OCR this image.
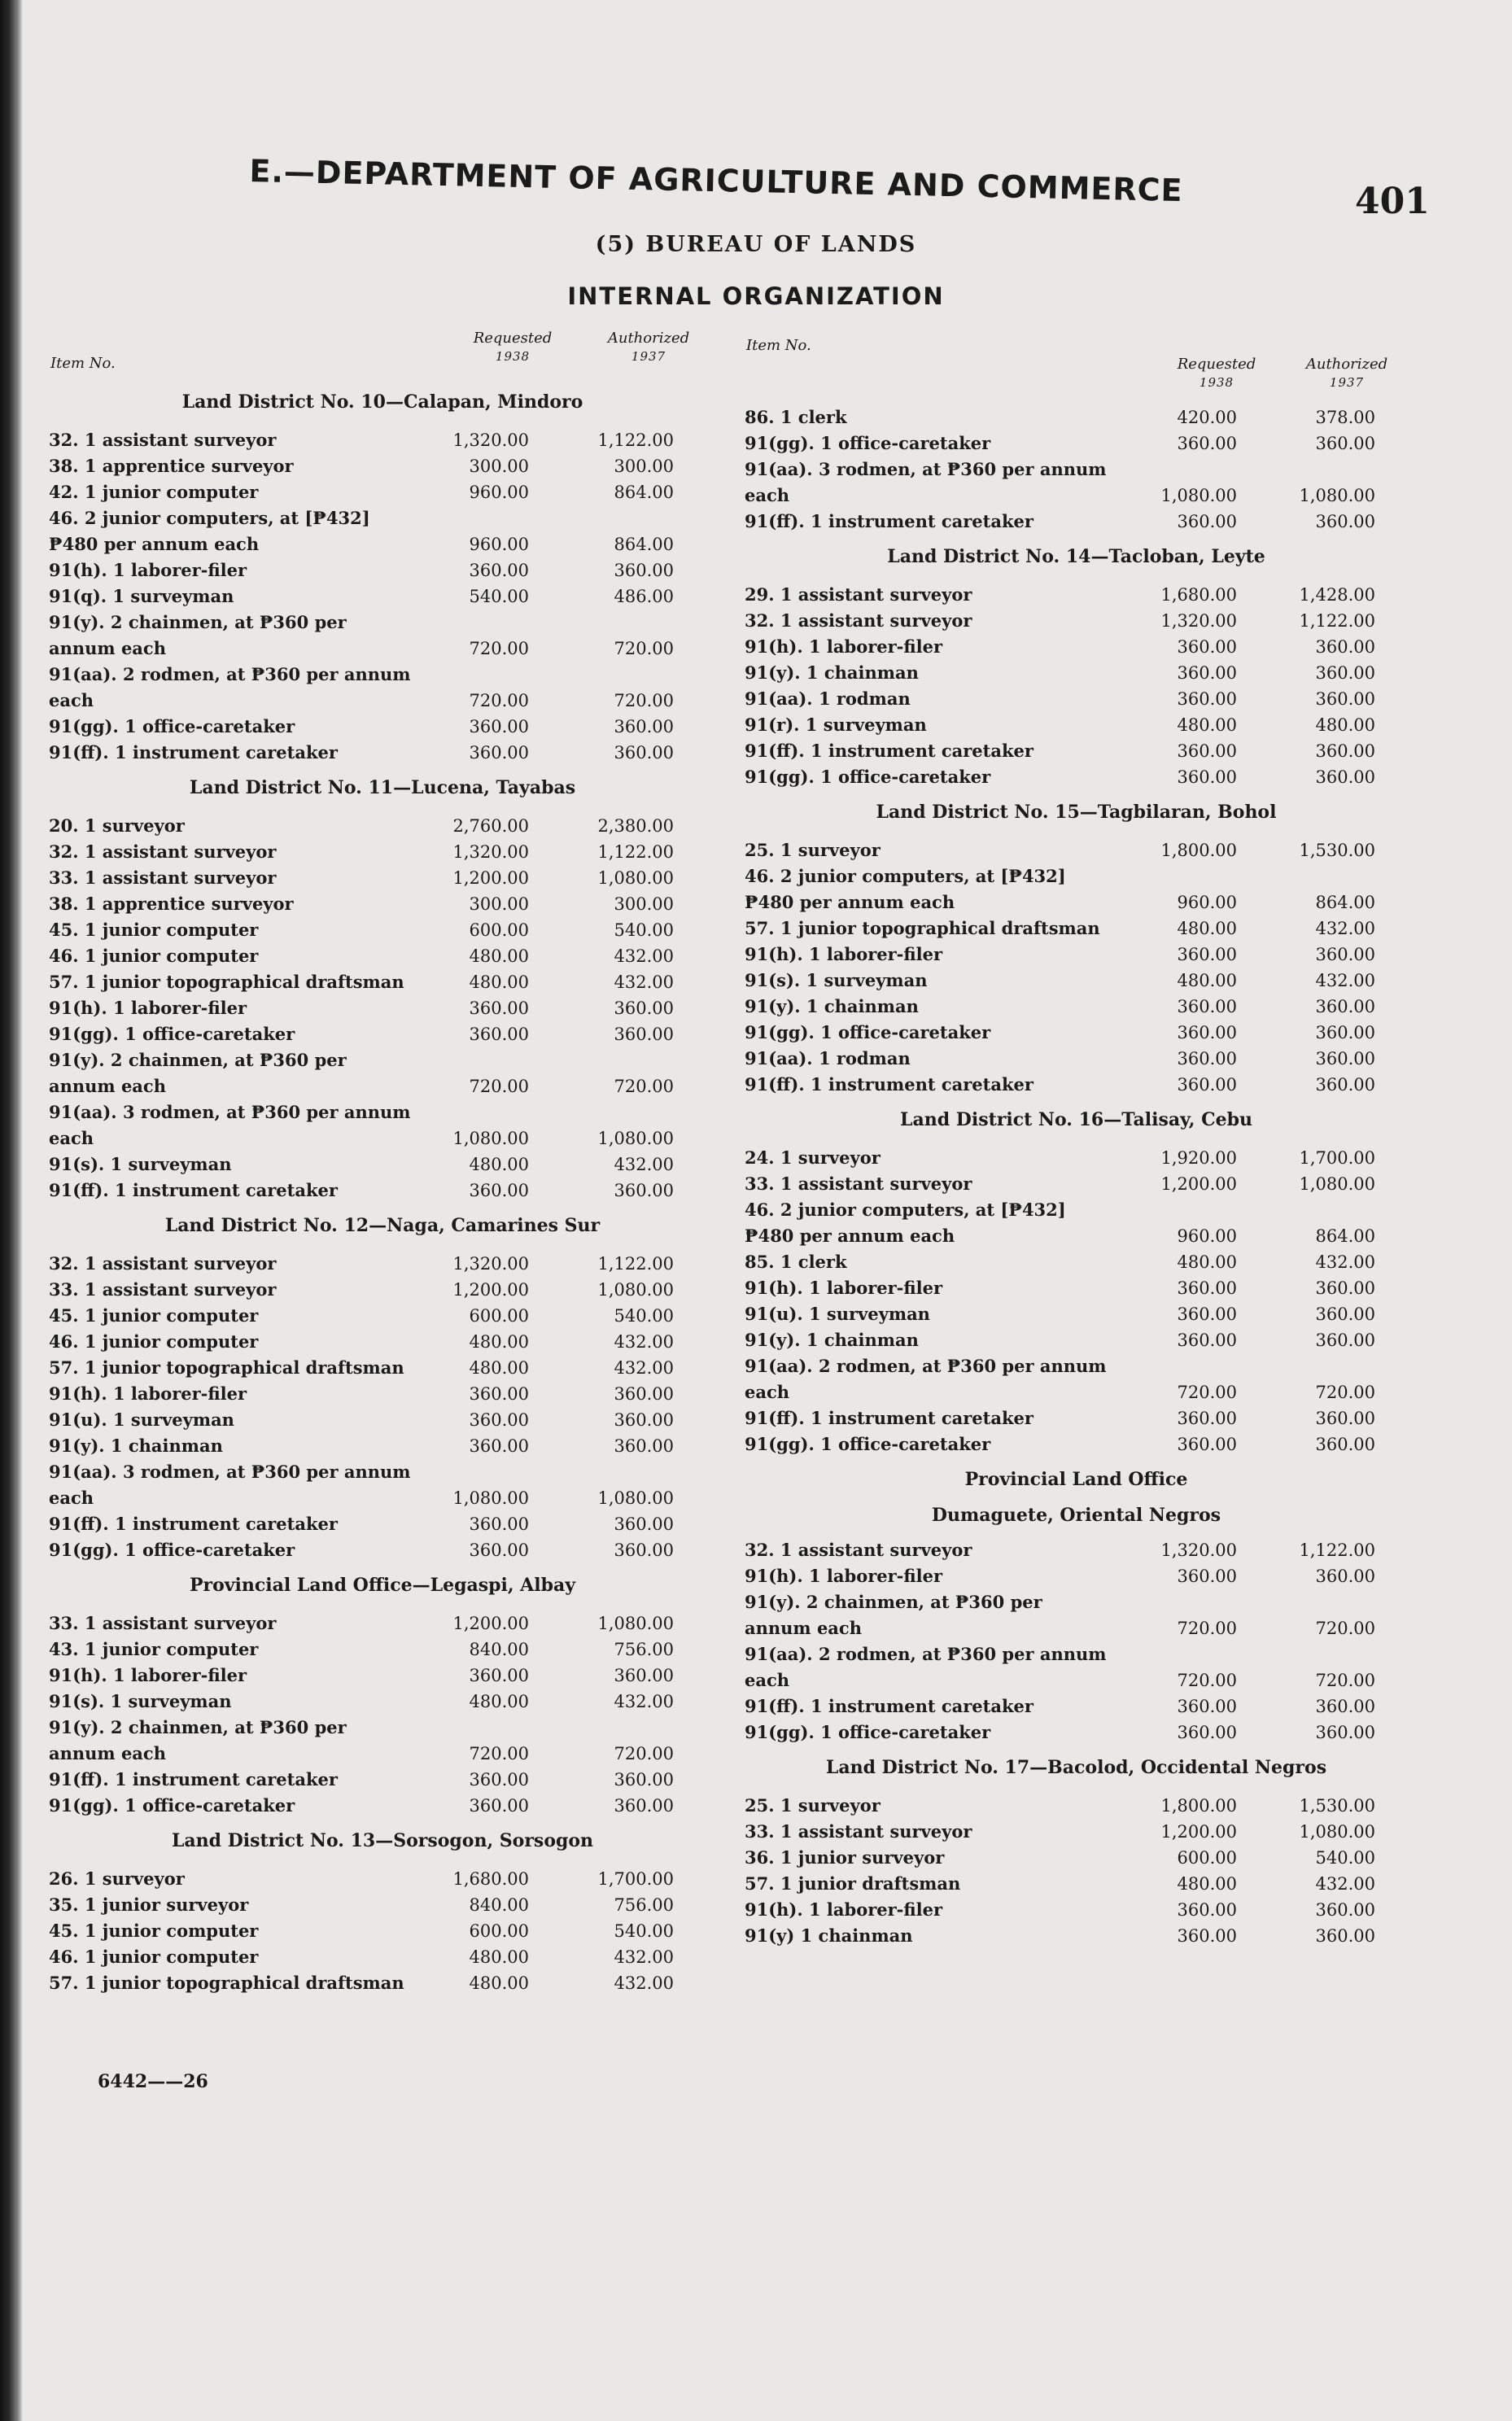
E.—DEPARTMENT OF AGRICULTURE AND COMMERCE	401
(5) BUREAU OF LANDS
INTERNAL ORGANIZATION
Item No.
Requested
1938
Authorized
1937
Land District No. 10—Calapan, Mindoro
32. 1 assistant surveyor	1,320.00	1,122.00
38. 1 apprentice surveyor	300.00	300.00
42. 1 junior computer	960.00	864.00
46. 2 junior computers, at [₱432] ₱480 per annum each	960.00	864.00
91(h). 1 laborer-filer	360.00	360.00
91(q). 1 surveyman	540.00	486.00
91(y). 2 chainmen, at ₱360 per annum each	720.00	720.00
91(aa). 2 rodmen, at ₱360 per annum each	720.00	720.00
91(gg). 1 office-caretaker	360.00	360.00
91(ff). 1 instrument caretaker	360.00	360.00
Land District No. 11—Lucena, Tayabas
20. 1 surveyor	2,760.00	2,380.00
32. 1 assistant surveyor	1,320.00	1,122.00
33. 1 assistant surveyor	1,200.00	1,080.00
38. 1 apprentice surveyor	300.00	300.00
45. 1 junior computer	600.00	540.00
46. 1 junior computer	480.00	432.00
57. 1 junior topographical draftsman	480.00	432.00
91(h). 1 laborer-filer	360.00	360.00
91(gg). 1 office-caretaker	360.00	360.00
91(y). 2 chainmen, at ₱360 per annum each	720.00	720.00
91(aa). 3 rodmen, at ₱360 per annum each	1,080.00	1,080.00
91(s). 1 surveyman	480.00	432.00
91(ff). 1 instrument caretaker	360.00	360.00
Land District No. 12—Naga, Camarines Sur
32. 1 assistant surveyor	1,320.00	1,122.00
33. 1 assistant surveyor	1,200.00	1,080.00
45. 1 junior computer	600.00	540.00
46. 1 junior computer	480.00	432.00
57. 1 junior topographical draftsman	480.00	432.00
91(h). 1 laborer-filer	360.00	360.00
91(u). 1 surveyman	360.00	360.00
91(y). 1 chainman	360.00	360.00
91(aa). 3 rodmen, at ₱360 per annum each	1,080.00	1,080.00
91(ff). 1 instrument caretaker	360.00	360.00
91(gg). 1 office-caretaker	360.00	360.00
Provincial Land Office—Legaspi, Albay
33. 1 assistant surveyor	1,200.00	1,080.00
43. 1 junior computer	840.00	756.00
91(h). 1 laborer-filer	360.00	360.00
91(s). 1 surveyman	480.00	432.00
91(y). 2 chainmen, at ₱360 per annum each	720.00	720.00
91(ff). 1 instrument caretaker	360.00	360.00
91(gg). 1 office-caretaker	360.00	360.00
Land District No. 13—Sorsogon, Sorsogon
26. 1 surveyor	1,680.00	1,700.00
35. 1 junior surveyor	840.00	756.00
45. 1 junior computer	600.00	540.00
46. 1 junior computer	480.00	432.00
57. 1 junior topographical draftsman	480.00	432.00
Item No.
Requested
1938
Authorized
1937
86. 1 clerk	420.00	378.00
91(gg). 1 office-caretaker	360.00	360.00
91(aa). 3 rodmen, at ₱360 per annum each	1,080.00	1,080.00
91(ff). 1 instrument caretaker	360.00	360.00
Land District No. 14—Tacloban, Leyte
29. 1 assistant surveyor	1,680.00	1,428.00
32. 1 assistant surveyor	1,320.00	1,122.00
91(h). 1 laborer-filer	360.00	360.00
91(y). 1 chainman	360.00	360.00
91(aa). 1 rodman	360.00	360.00
91(r). 1 surveyman	480.00	480.00
91(ff). 1 instrument caretaker	360.00	360.00
91(gg). 1 office-caretaker	360.00	360.00
Land District No. 15—Tagbilaran, Bohol
25. 1 surveyor	1,800.00	1,530.00
46. 2 junior computers, at [₱432] ₱480 per annum each	960.00	864.00
57. 1 junior topographical draftsman	480.00	432.00
91(h). 1 laborer-filer	360.00	360.00
91(s). 1 surveyman	480.00	432.00
91(y). 1 chainman	360.00	360.00
91(gg). 1 office-caretaker	360.00	360.00
91(aa). 1 rodman	360.00	360.00
91(ff). 1 instrument caretaker	360.00	360.00
Land District No. 16—Talisay, Cebu
24. 1 surveyor	1,920.00	1,700.00
33. 1 assistant surveyor	1,200.00	1,080.00
46. 2 junior computers, at [₱432] ₱480 per annum each	960.00	864.00
85. 1 clerk	480.00	432.00
91(h). 1 laborer-filer	360.00	360.00
91(u). 1 surveyman	360.00	360.00
91(y). 1 chainman	360.00	360.00
91(aa). 2 rodmen, at ₱360 per annum each	720.00	720.00
91(ff). 1 instrument caretaker	360.00	360.00
91(gg). 1 office-caretaker	360.00	360.00
Provincial Land Office
Dumaguete, Oriental Negros
32. 1 assistant surveyor	1,320.00	1,122.00
91(h). 1 laborer-filer	360.00	360.00
91(y). 2 chainmen, at ₱360 per annum each	720.00	720.00
91(aa). 2 rodmen, at ₱360 per annum each	720.00	720.00
91(ff). 1 instrument caretaker	360.00	360.00
91(gg). 1 office-caretaker	360.00	360.00
Land District No. 17—Bacolod, Occidental Negros
25. 1 surveyor	1,800.00	1,530.00
33. 1 assistant surveyor	1,200.00	1,080.00
36. 1 junior surveyor	600.00	540.00
57. 1 junior draftsman	480.00	432.00
91(h). 1 laborer-filer	360.00	360.00
91(y) 1 chainman	360.00	360.00
6442——26
